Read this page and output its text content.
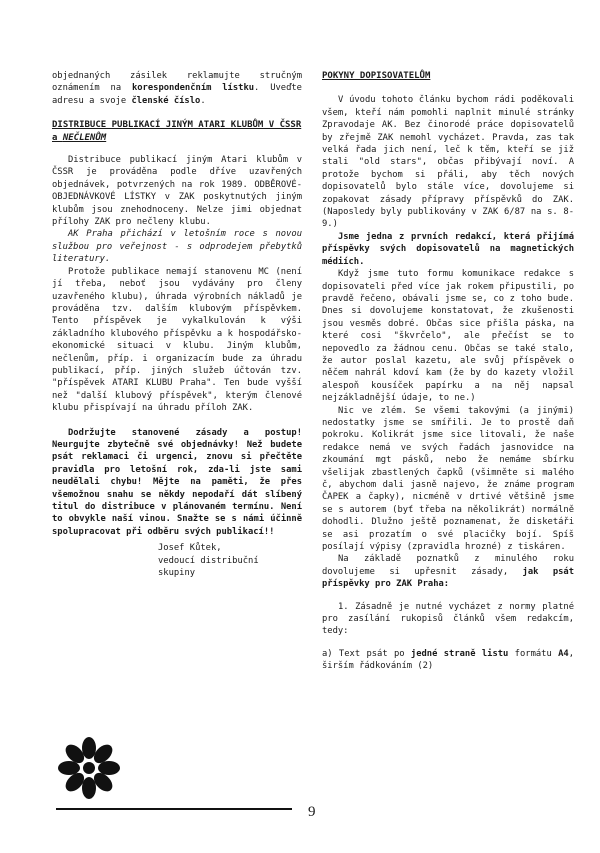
objednaných zásilek reklamujte stručným oznámením na korespondenčním lístku. Uveďte adresu a svoje členské číslo.

DISTRIBUCE PUBLIKACÍ JINÝM ATARI KLUBŮM V ČSSR a NEČLENŮM

Distribuce publikací jiným Atari klubům v ČSSR je prováděna podle dříve uzavřených objednávek, potvrzených na rok 1989. ODBĚROVÉ-OBJEDNÁVKOVÉ LÍSTKY v ZAK poskytnutých jiným klubům jsou znehodnoceny. Nelze jimi objednat přílohy ZAK pro nečleny klubu.

AK Praha přichází v letošním roce s novou službou pro veřejnost - s odprodejem přebytků literatury.

Protože publikace nemají stanovenu MC (není jí třeba, neboť jsou vydávány pro členy uzavřeného klubu), úhrada výrobních nákladů je prováděna tzv. dalším klubovým příspěvkem. Tento příspěvek je vykalkulován k výši základního klubového příspěvku a k hospodářsko-ekonomické situaci v klubu. Jiným klubům, nečlenům, příp. i organizacím bude za úhradu publikací, příp. jiných služeb účtován tzv. "příspěvek ATARI KLUBU Praha". Ten bude vyšší než "další klubový příspěvek", kterým členové klubu přispívají na úhradu příloh ZAK.

Dodržujte stanovené zásady a postup! Neurgujte zbytečně své objednávky! Než budete psát reklamaci či urgenci, znovu si přečtěte pravidla pro letošní rok, zda-li jste sami neudělali chybu! Mějte na paměti, že přes všemožnou snahu se někdy nepodaří dát slíbený titul do distribuce v plánovaném termínu. Není to obvykle naší vinou. Snažte se s námi účinně spolupracovat při odběru svých publikací!!

Josef Kůtek,
vedoucí distribuční
skupiny
9

POKYNY DOPISOVATELŮM

V úvodu tohoto článku bychom rádi poděkovali všem, kteří nám pomohli naplnit minulé stránky Zpravodaje AK. Bez činorodé práce dopisovatelů by zřejmě ZAK nemohl vycházet. Pravda, zas tak velká řada jich není, leč k těm, kteří se již stali "old stars", občas přibývají noví. A protože bychom si přáli, aby těch nových dopisovatelů bylo stále více, dovolujeme si zopakovat zásady přípravy příspěvků do ZAK. (Naposledy byly publikovány v ZAK 6/87 na s. 8-9.)

Jsme jedna z prvních redakcí, která přijímá příspěvky svých dopisovatelů na magnetických médiích.

Když jsme tuto formu komunikace redakce s dopisovateli před více jak rokem připustili, po pravdě řečeno, obávali jsme se, co z toho bude. Dnes si dovolujeme konstatovat, že zkušenosti jsou vesměs dobré. Občas sice přišla páska, na které cosi "škvrčelo", ale přečíst se to nepovedlo za žádnou cenu. Občas se také stalo, že autor poslal kazetu, ale svůj příspěvek o něčem nahrál kdoví kam (že by do kazety vložil alespoň kousíček papírku a na něj napsal nejzákladnější údaje, to ne.)

Nic ve zlém. Se všemi takovými (a jinými) nedostatky jsme se smířili. Je to prostě daň pokroku. Kolikrát jsme sice litovali, že naše redakce nemá ve svých řadách jasnovidce na zkoumání mgt pásků, nebo že nemáme sbírku všelijak zbastlených čapků (všimněte si malého č, abychom dali jasně najevo, že známe program ČAPEK a čapky), nicméně v drtivé většině jsme se s autorem (byť třeba na několikrát) normálně dohodli. Dlužno ještě poznamenat, že disketáři se asi prozatím o své placičky bojí. Spíš posílají výpisy (zpravidla hrozné) z tiskáren.

Na základě poznatků z minulého roku dovolujeme si upřesnit zásady, jak psát příspěvky pro ZAK Praha:

1. Zásadně je nutné vycházet z normy platné pro zasílání rukopisů článků všem redakcím, tedy:

a) Text psát po jedné straně listu formátu A4, širším řádkováním (2)
